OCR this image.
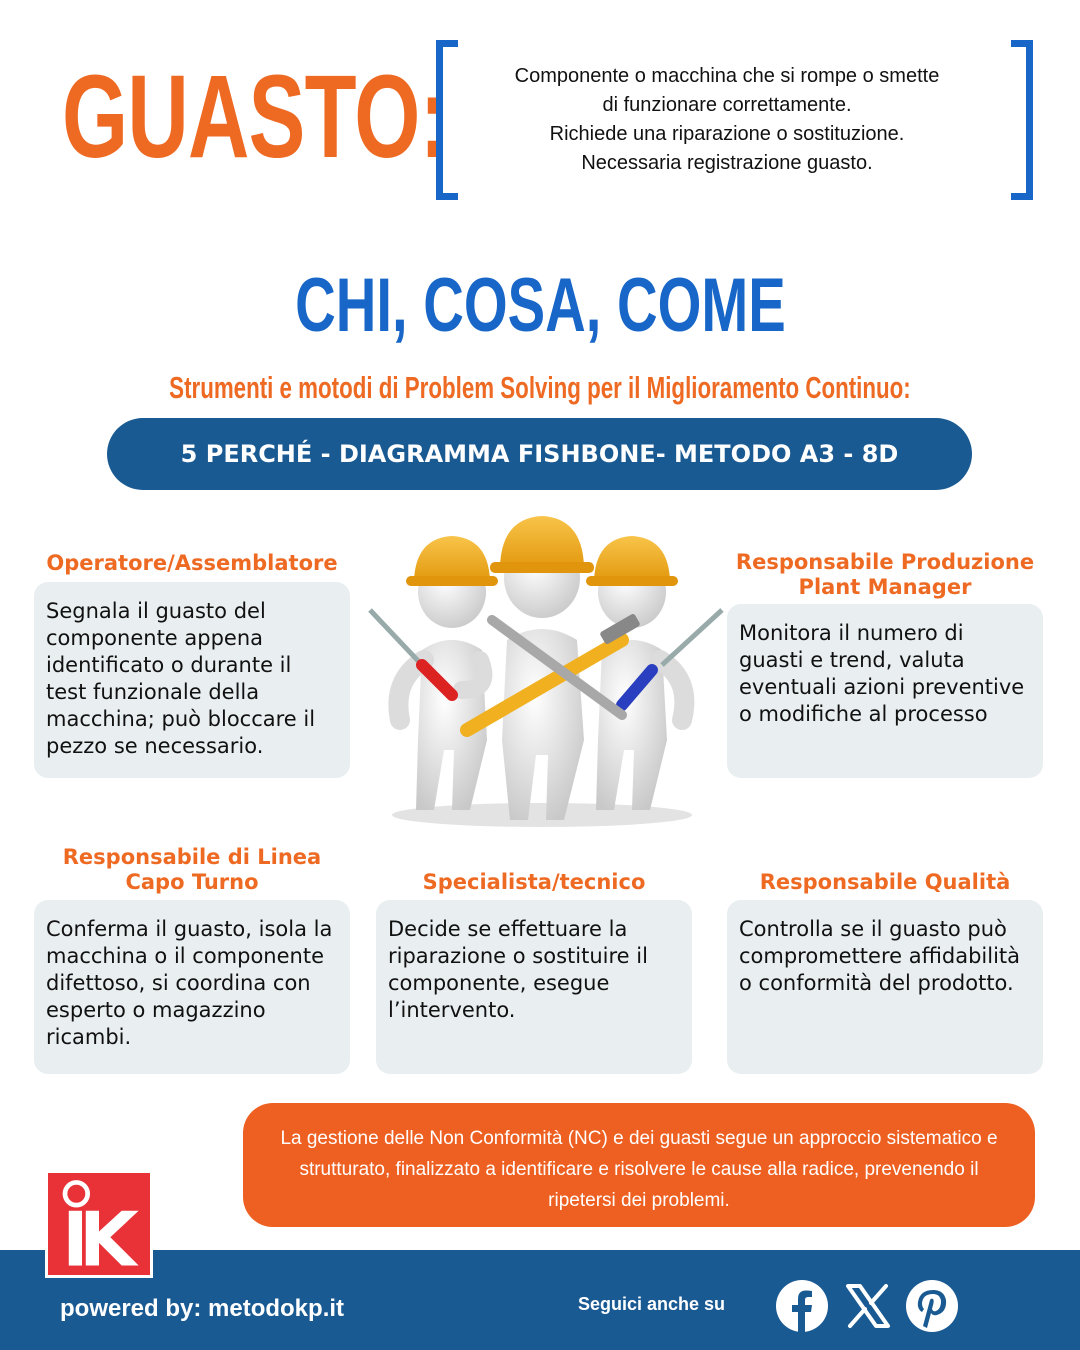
GUASTO:	Componente o macchina che si rompe o smette
di funzionare correttamente.
Richiede una riparazione o sostituzione.
Necessaria registrazione guasto.
CHI, COSA, COME
Strumenti e motodi di Problem Solving per il Miglioramento Continuo:
5 PERCHÉ - DIAGRAMMA FISHBONE- METODO A3 - 8D
Operatore/Assemblatore
Segnala il guasto del componente appena identificato o durante il test funzionale della macchina; può bloccare il pezzo se necessario.
Responsabile Produzione
Plant Manager
Monitora il numero di guasti e trend, valuta eventuali azioni preventive o modifiche al processo
Responsabile di Linea
Capo Turno
Conferma il guasto, isola la macchina o il componente difettoso, si coordina con esperto o magazzino ricambi.
Specialista/tecnico
Decide se effettuare la riparazione o sostituire il componente, esegue l’intervento.
Responsabile Qualità
Controlla se il guasto può compromettere affidabilità o conformità del prodotto.
La gestione delle Non Conformità (NC) e dei guasti segue un approccio sistematico e strutturato, finalizzato a identificare e risolvere le cause alla radice, prevenendo il ripetersi dei problemi.
powered by: metodokp.it	Seguici anche su
